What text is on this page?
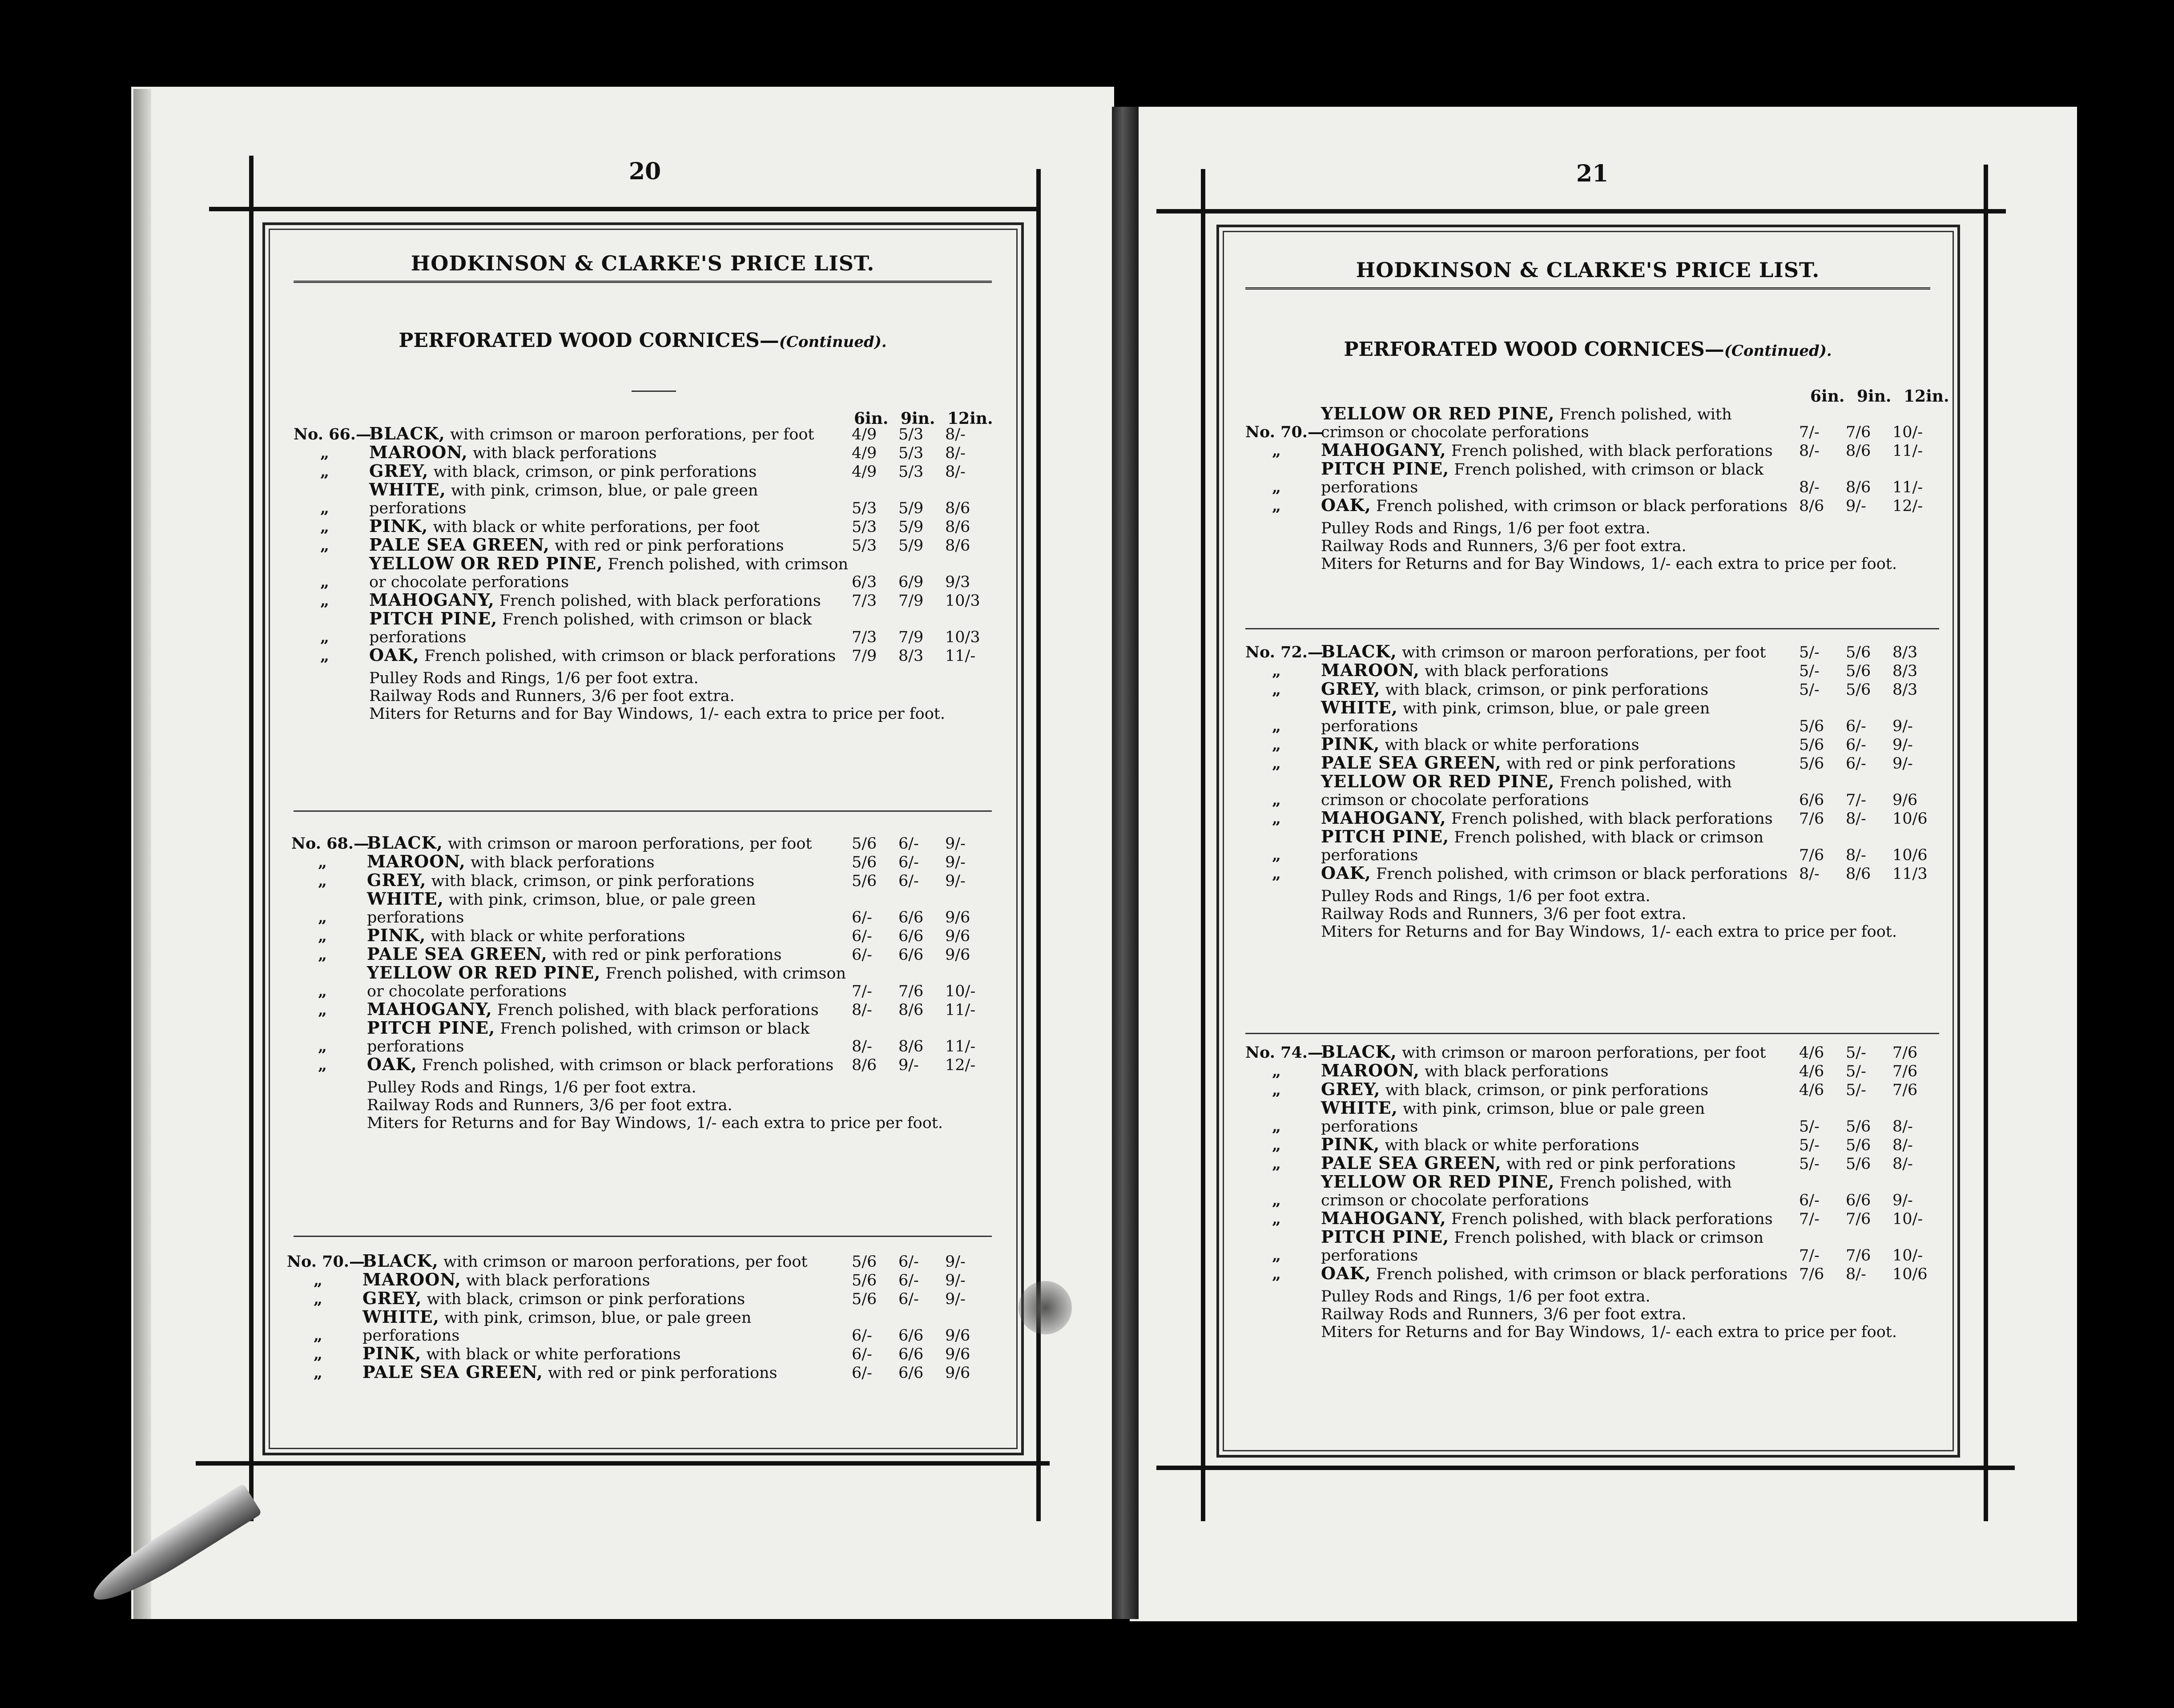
20
HODKINSON & CLARKE'S PRICE LIST.
PERFORATED WOOD CORNICES—(Continued).
6in. 9in. 12in.
No. 66.—
BLACK, with crimson or maroon perforations, per foot	4/9	5/3	8/-
„	MAROON, with black perforations	4/9	5/3	8/-
„	GREY, with black, crimson, or pink perforations	4/9	5/3	8/-
„
WHITE, with pink, crimson, blue, or pale green perforations	5/3	5/9	8/6
„	PINK, with black or white perforations, per foot	5/3	5/9	8/6
„	PALE SEA GREEN, with red or pink perforations	5/3	5/9	8/6
„
YELLOW OR RED PINE, French polished, with crimson or chocolate perforations	6/3	6/9	9/3
„	MAHOGANY, French polished, with black perforations	7/3	7/9	10/3
„
PITCH PINE, French polished, with crimson or black perforations	7/3	7/9	10/3
„	OAK, French polished, with crimson or black perforations	7/9	8/3	11/-
Pulley Rods and Rings, 1/6 per foot extra.
Railway Rods and Runners, 3/6 per foot extra.
Miters for Returns and for Bay Windows, 1/- each extra to price per foot.
No. 68.—
BLACK, with crimson or maroon perforations, per foot	5/6	6/-	9/-
„	MAROON, with black perforations	5/6	6/-	9/-
„	GREY, with black, crimson, or pink perforations	5/6	6/-	9/-
„
WHITE, with pink, crimson, blue, or pale green perforations	6/-	6/6	9/6
„	PINK, with black or white perforations	6/-	6/6	9/6
„	PALE SEA GREEN, with red or pink perforations	6/-	6/6	9/6
„
YELLOW OR RED PINE, French polished, with crimson or chocolate perforations	7/-	7/6	10/-
„	MAHOGANY, French polished, with black perforations	8/-	8/6	11/-
„
PITCH PINE, French polished, with crimson or black perforations	8/-	8/6	11/-
„	OAK, French polished, with crimson or black perforations	8/6	9/-	12/-
Pulley Rods and Rings, 1/6 per foot extra.
Railway Rods and Runners, 3/6 per foot extra.
Miters for Returns and for Bay Windows, 1/- each extra to price per foot.
No. 70.—
BLACK, with crimson or maroon perforations, per foot	5/6	6/-	9/-
„	MAROON, with black perforations	5/6	6/-	9/-
„	GREY, with black, crimson or pink perforations	5/6	6/-	9/-
„
WHITE, with pink, crimson, blue, or pale green perforations	6/-	6/6	9/6
„	PINK, with black or white perforations	6/-	6/6	9/6
„	PALE SEA GREEN, with red or pink perforations	6/-	6/6	9/6
21
HODKINSON & CLARKE'S PRICE LIST.
PERFORATED WOOD CORNICES—(Continued).
6in. 9in. 12in.
No. 70.—
YELLOW OR RED PINE, French polished, with crimson or chocolate perforations	7/-	7/6	10/-
„	MAHOGANY, French polished, with black perforations	8/-	8/6	11/-
„
PITCH PINE, French polished, with crimson or black perforations	8/-	8/6	11/-
„	OAK, French polished, with crimson or black perforations 8/6	9/-	12/-
Pulley Rods and Rings, 1/6 per foot extra.
Railway Rods and Runners, 3/6 per foot extra.
Miters for Returns and for Bay Windows, 1/- each extra to price per foot.
No. 72.—
BLACK, with crimson or maroon perforations, per foot	5/-	5/6	8/3
„	MAROON, with black perforations	5/-	5/6	8/3
„	GREY, with black, crimson, or pink perforations	5/-	5/6	8/3
„
WHITE, with pink, crimson, blue, or pale green perforations	5/6	6/-	9/-
„	PINK, with black or white perforations	5/6	6/-	9/-
„	PALE SEA GREEN, with red or pink perforations	5/6	6/-	9/-
„
YELLOW OR RED PINE, French polished, with crimson or chocolate perforations	6/6	7/-	9/6
„	MAHOGANY, French polished, with black perforations	7/6	8/-	10/6
„
PITCH PINE, French polished, with black or crimson perforations	7/6	8/-	10/6
„	OAK, French polished, with crimson or black perforations 8/-	8/6	11/3
Pulley Rods and Rings, 1/6 per foot extra.
Railway Rods and Runners, 3/6 per foot extra.
Miters for Returns and for Bay Windows, 1/- each extra to price per foot.
No. 74.—
BLACK, with crimson or maroon perforations, per foot	4/6	5/-	7/6
„	MAROON, with black perforations	4/6	5/-	7/6
„	GREY, with black, crimson, or pink perforations	4/6	5/-	7/6
„
WHITE, with pink, crimson, blue or pale green perforations	5/-	5/6	8/-
„	PINK, with black or white perforations	5/-	5/6	8/-
„	PALE SEA GREEN, with red or pink perforations	5/-	5/6	8/-
„
YELLOW OR RED PINE, French polished, with crimson or chocolate perforations	6/-	6/6	9/-
„	MAHOGANY, French polished, with black perforations	7/-	7/6	10/-
„
PITCH PINE, French polished, with black or crimson perforations	7/-	7/6	10/-
„	OAK, French polished, with crimson or black perforations 7/6	8/-	10/6
Pulley Rods and Rings, 1/6 per foot extra.
Railway Rods and Runners, 3/6 per foot extra.
Miters for Returns and for Bay Windows, 1/- each extra to price per foot.
